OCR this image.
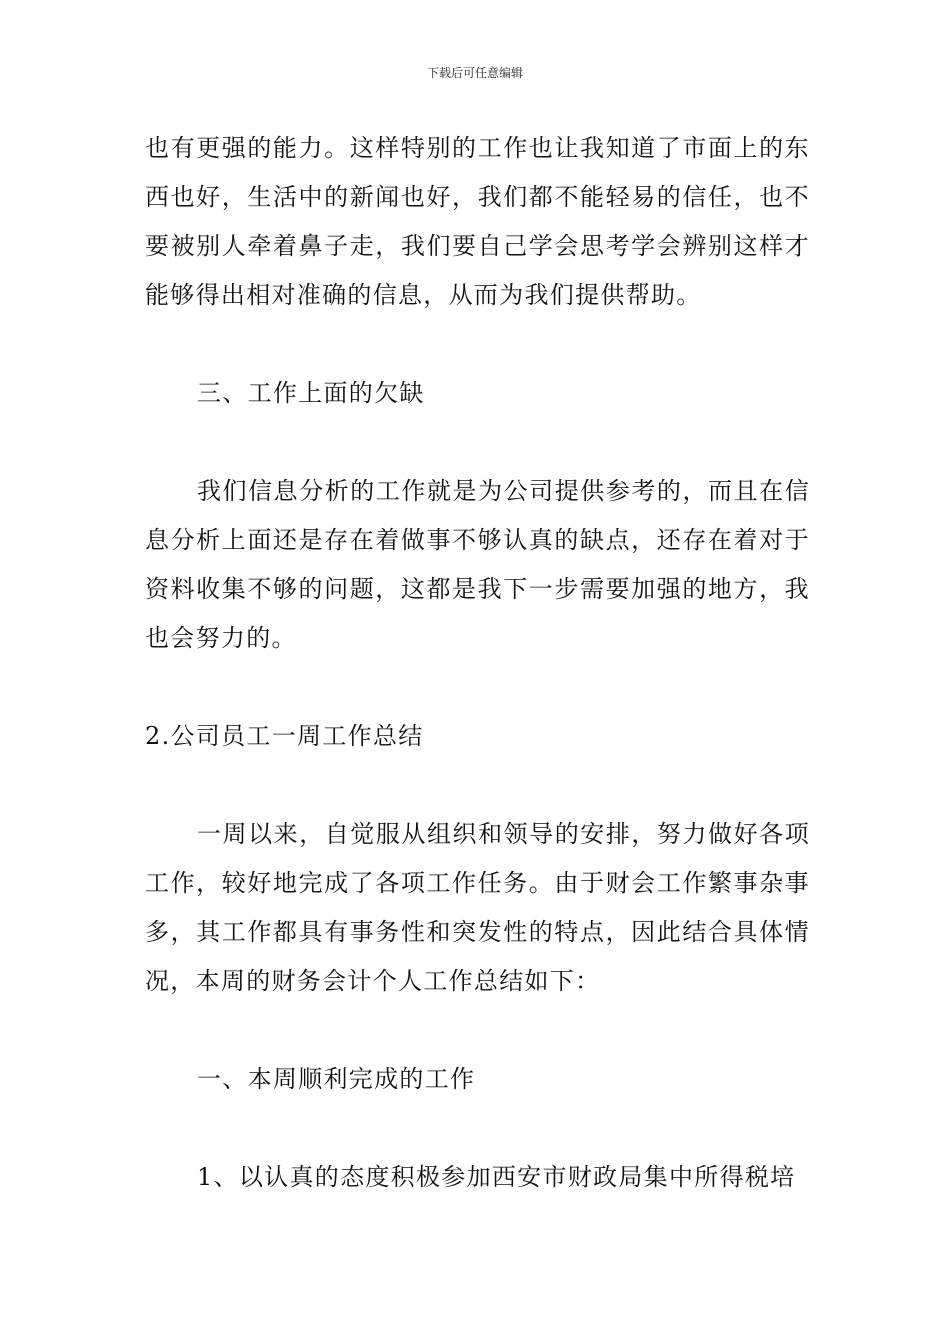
下载后可任意编辑

也有更强的能力。这样特别的工作也让我知道了市面上的东西也好，生活中的新闻也好，我们都不能轻易的信任，也不要被别人牵着鼻子走，我们要自己学会思考学会辨别这样才能够得出相对准确的信息，从而为我们提供帮助。

三、工作上面的欠缺

我们信息分析的工作就是为公司提供参考的，而且在信息分析上面还是存在着做事不够认真的缺点，还存在着对于资料收集不够的问题，这都是我下一步需要加强的地方，我也会努力的。

2.公司员工一周工作总结

一周以来，自觉服从组织和领导的安排，努力做好各项工作，较好地完成了各项工作任务。由于财会工作繁事杂事多，其工作都具有事务性和突发性的特点，因此结合具体情况，本周的财务会计个人工作总结如下：

一、本周顺利完成的工作

1、以认真的态度积极参加西安市财政局集中所得税培
